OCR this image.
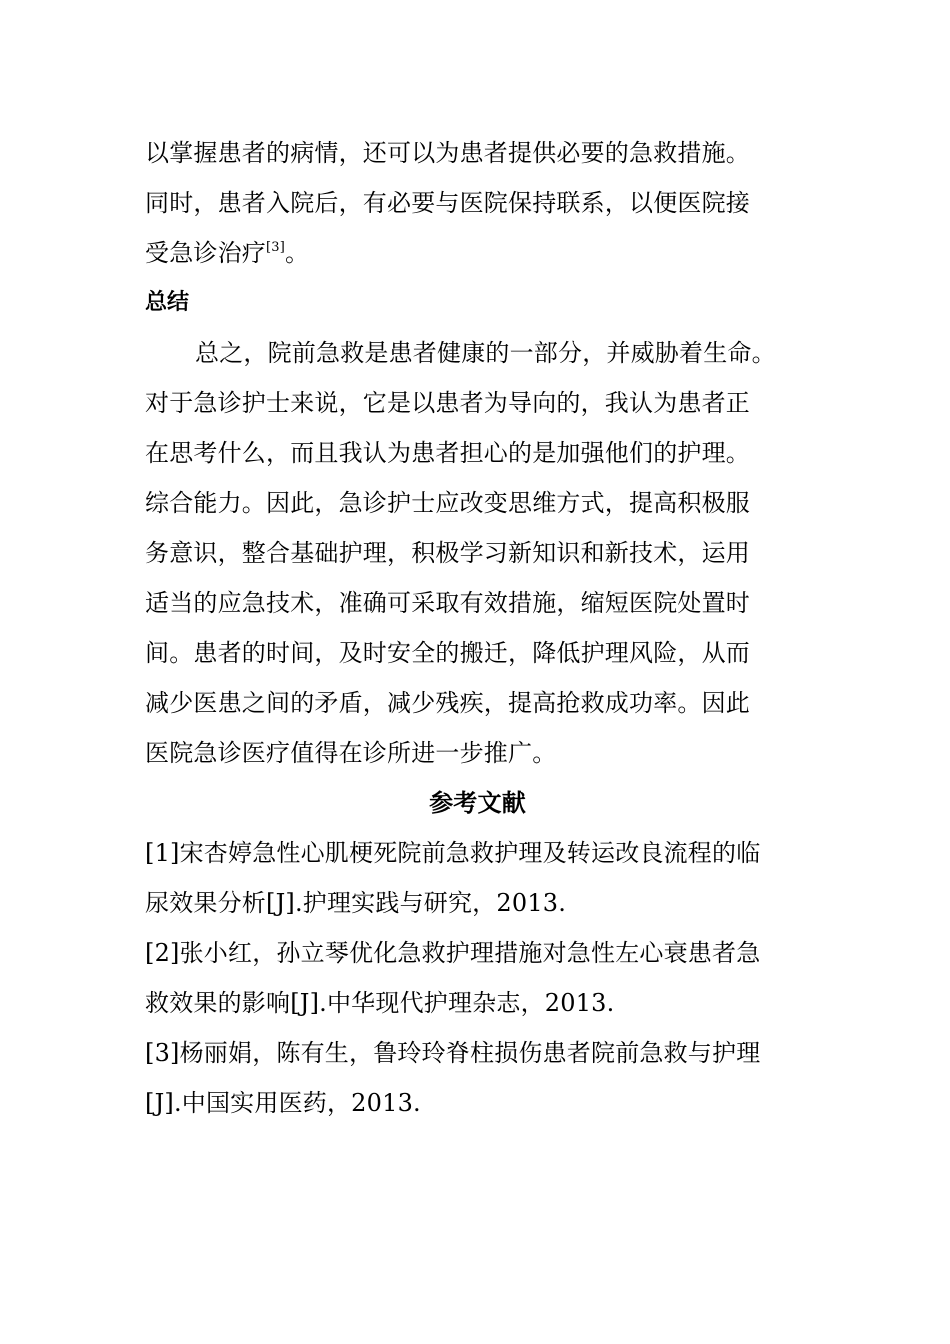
以掌握患者的病情，还可以为患者提供必要的急救措施。
同时，患者入院后，有必要与医院保持联系，以便医院接
受急诊治疗[3]。
总结
总之，院前急救是患者健康的一部分，并威胁着生命。
对于急诊护士来说，它是以患者为导向的，我认为患者正
在思考什么，而且我认为患者担心的是加强他们的护理。
综合能力。因此，急诊护士应改变思维方式，提高积极服
务意识，整合基础护理，积极学习新知识和新技术，运用
适当的应急技术，准确可采取有效措施，缩短医院处置时
间。患者的时间，及时安全的搬迁，降低护理风险，从而
减少医患之间的矛盾，减少残疾，提高抢救成功率。因此
医院急诊医疗值得在诊所进一步推广。
参考文献
[1]宋杏婷急性心肌梗死院前急救护理及转运改良流程的临
尿效果分析[J].护理实践与研究，2013.
[2]张小红，孙立琴优化急救护理措施对急性左心衰患者急
救效果的影响[J].中华现代护理杂志，2013.
[3]杨丽娟，陈有生，鲁玲玲脊柱损伤患者院前急救与护理
[J].中国实用医药，2013.
